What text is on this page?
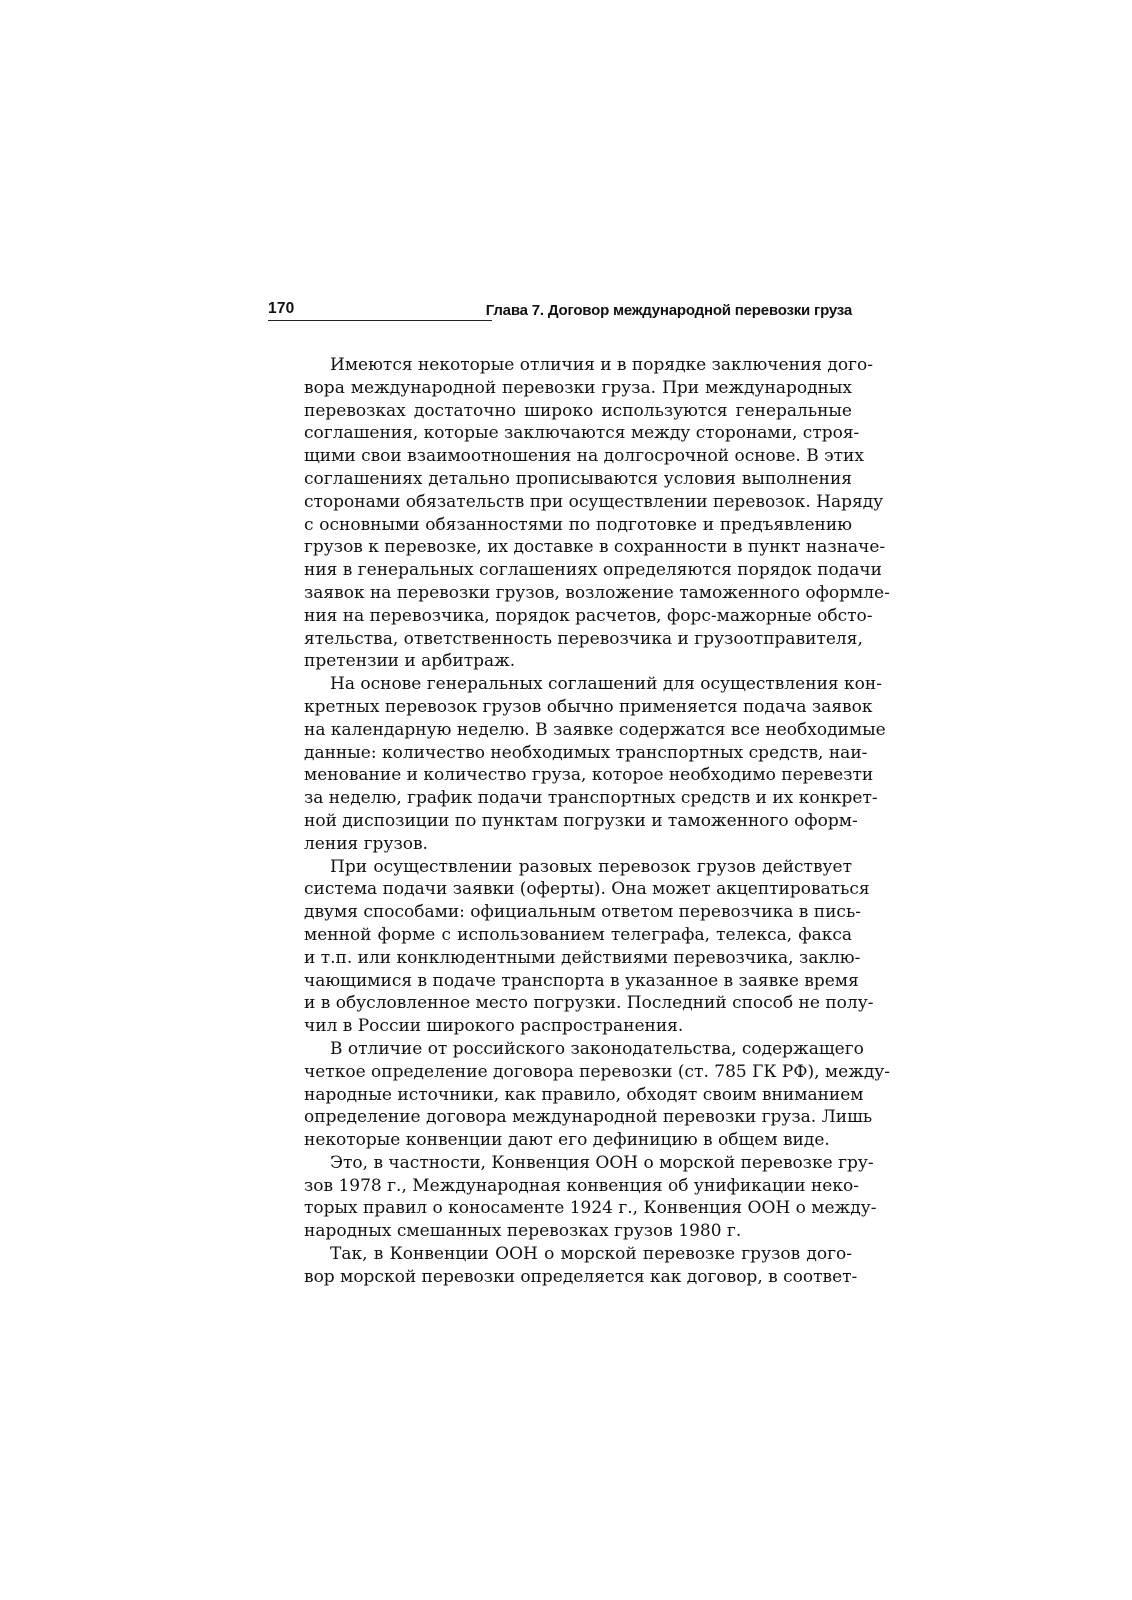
170	Глава 7. Договор международной перевозки груза
Имеются некоторые отличия и в порядке заключения дого-
вора международной перевозки груза. При международных
перевозках достаточно широко используются генеральные
соглашения, которые заключаются между сторонами, строя-
щими свои взаимоотношения на долгосрочной основе. В этих
соглашениях детально прописываются условия выполнения
сторонами обязательств при осуществлении перевозок. Наряду
с основными обязанностями по подготовке и предъявлению
грузов к перевозке, их доставке в сохранности в пункт назначе-
ния в генеральных соглашениях определяются порядок подачи
заявок на перевозки грузов, возложение таможенного оформле-
ния на перевозчика, порядок расчетов, форс-мажорные обсто-
ятельства, ответственность перевозчика и грузоотправителя,
претензии и арбитраж.
На основе генеральных соглашений для осуществления кон-
кретных перевозок грузов обычно применяется подача заявок
на календарную неделю. В заявке содержатся все необходимые
данные: количество необходимых транспортных средств, наи-
менование и количество груза, которое необходимо перевезти
за неделю, график подачи транспортных средств и их конкрет-
ной диспозиции по пунктам погрузки и таможенного оформ-
ления грузов.
При осуществлении разовых перевозок грузов действует
система подачи заявки (оферты). Она может акцептироваться
двумя способами: официальным ответом перевозчика в пись-
менной форме с использованием телеграфа, телекса, факса
и т.п. или конклюдентными действиями перевозчика, заклю-
чающимися в подаче транспорта в указанное в заявке время
и в обусловленное место погрузки. Последний способ не полу-
чил в России широкого распространения.
В отличие от российского законодательства, содержащего
четкое определение договора перевозки (ст. 785 ГК РФ), между-
народные источники, как правило, обходят своим вниманием
определение договора международной перевозки груза. Лишь
некоторые конвенции дают его дефиницию в общем виде.
Это, в частности, Конвенция ООН о морской перевозке гру-
зов 1978 г., Международная конвенция об унификации неко-
торых правил о коносаменте 1924 г., Конвенция ООН о между-
народных смешанных перевозках грузов 1980 г.
Так, в Конвенции ООН о морской перевозке грузов дого-
вор морской перевозки определяется как договор, в соответ-
